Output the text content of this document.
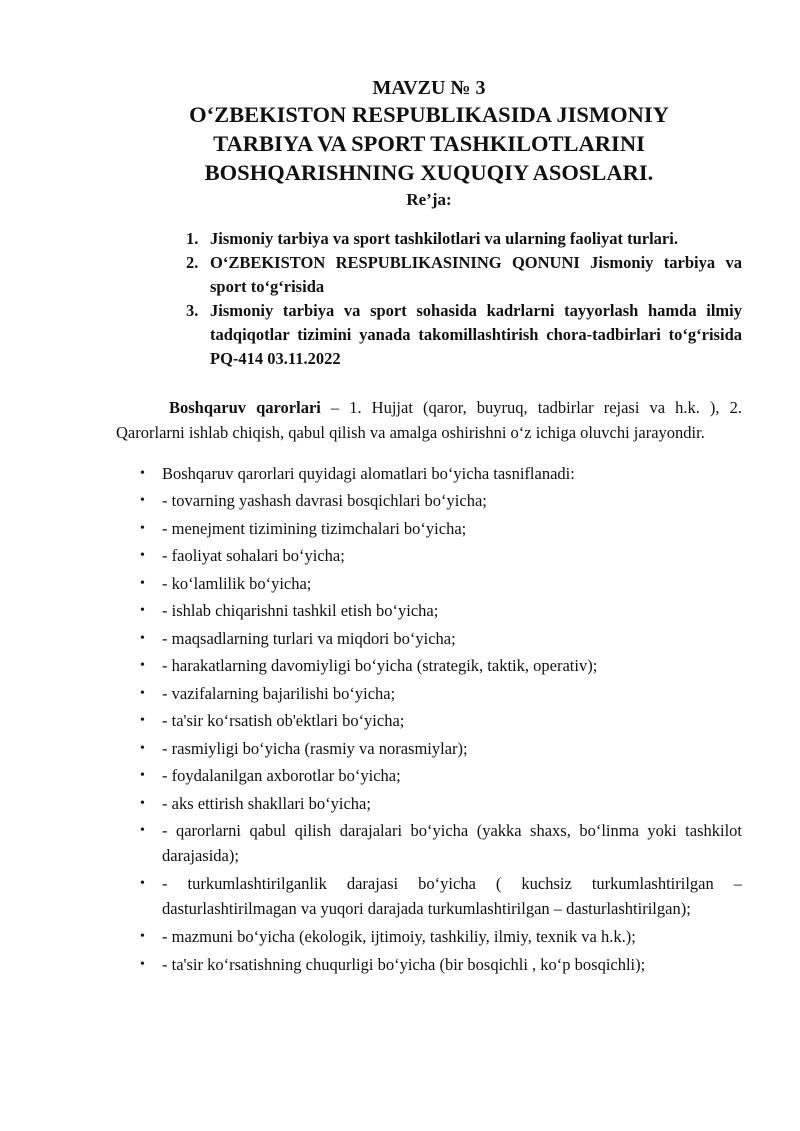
MAVZU № 3
O‘ZBEKISTON RESPUBLIKASIDA JISMONIY
TARBIYA VA SPORT TASHKILOTLARINI
BOSHQARISHNING XUQUQIY ASOSLARI.
Re’ja:
1. Jismoniy tarbiya va sport tashkilotlari va ularning faoliyat turlari.
2. O‘ZBEKISTON RESPUBLIKASINING QONUNI Jismoniy tarbiya va sport to‘g‘risida
3. Jismoniy tarbiya va sport sohasida kadrlarni tayyorlash hamda ilmiy tadqiqotlar tizimini yanada takomillashtirish chora-tadbirlari to‘g‘risida PQ-414 03.11.2022

Boshqaruv qarorlari – 1. Hujjat (qaror, buyruq, tadbirlar rejasi va h.k. ), 2. Qarorlarni ishlab chiqish, qabul qilish va amalga oshirishni o‘z ichiga oluvchi jarayondir.

• Boshqaruv qarorlari quyidagi alomatlari bo‘yicha tasniflanadi:
• - tovarning yashash davrasi bosqichlari bo‘yicha;
• - menejment tizimining tizimchalari bo‘yicha;
• - faoliyat sohalari bo‘yicha;
• - ko‘lamlilik bo‘yicha;
• - ishlab chiqarishni tashkil etish bo‘yicha;
• - maqsadlarning turlari va miqdori bo‘yicha;
• - harakatlarning davomiyligi bo‘yicha (strategik, taktik, operativ);
• - vazifalarning bajarilishi bo‘yicha;
• - ta'sir ko‘rsatish ob'ektlari bo‘yicha;
• - rasmiyligi bo‘yicha (rasmiy va norasmiylar);
• - foydalanilgan axborotlar bo‘yicha;
• - aks ettirish shakllari bo‘yicha;
• - qarorlarni qabul qilish darajalari bo‘yicha (yakka shaxs, bo‘linma yoki tashkilot darajasida);
• - turkumlashtirilganlik darajasi bo‘yicha ( kuchsiz turkumlashtirilgan – dasturlashtirilmagan va yuqori darajada turkumlashtirilgan – dasturlashtirilgan);
• - mazmuni bo‘yicha (ekologik, ijtimoiy, tashkiliy, ilmiy, texnik va h.k.);
• - ta'sir ko‘rsatishning chuqurligi bo‘yicha (bir bosqichli , ko‘p bosqichli);
